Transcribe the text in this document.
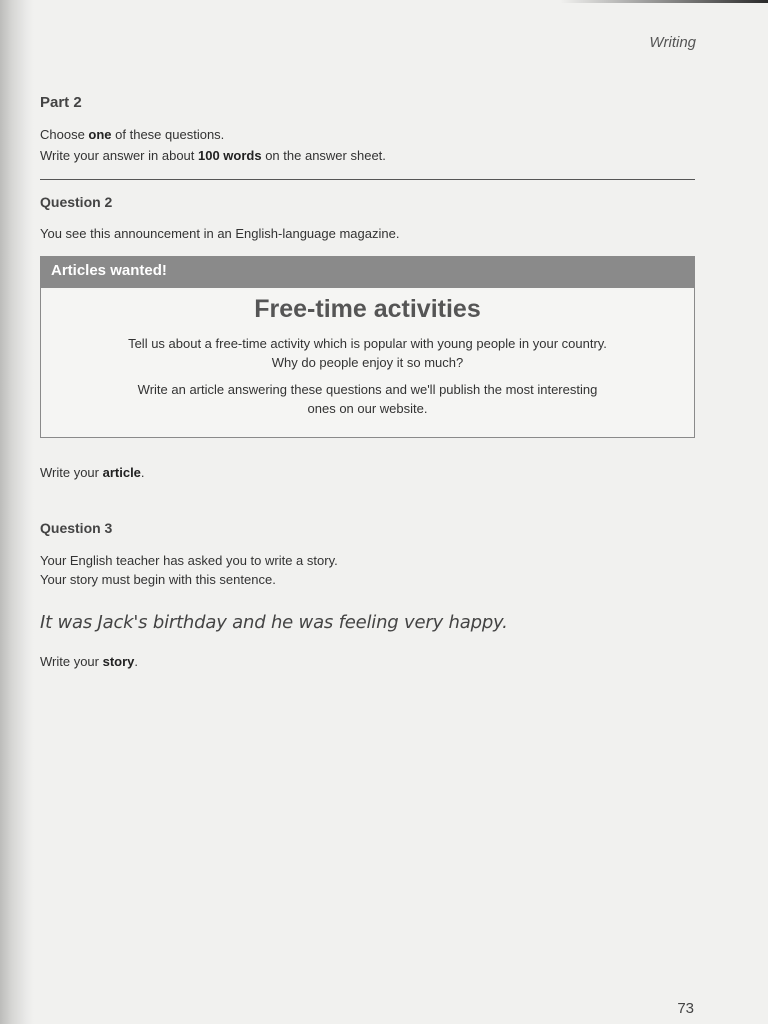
Writing
Part 2
Choose one of these questions.
Write your answer in about 100 words on the answer sheet.
Question 2
You see this announcement in an English-language magazine.
Articles wanted!
Free-time activities
Tell us about a free-time activity which is popular with young people in your country.
Why do people enjoy it so much?
Write an article answering these questions and we'll publish the most interesting
ones on our website.
Write your article.
Question 3
Your English teacher has asked you to write a story.
Your story must begin with this sentence.
It was Jack's birthday and he was feeling very happy.
Write your story.
73
